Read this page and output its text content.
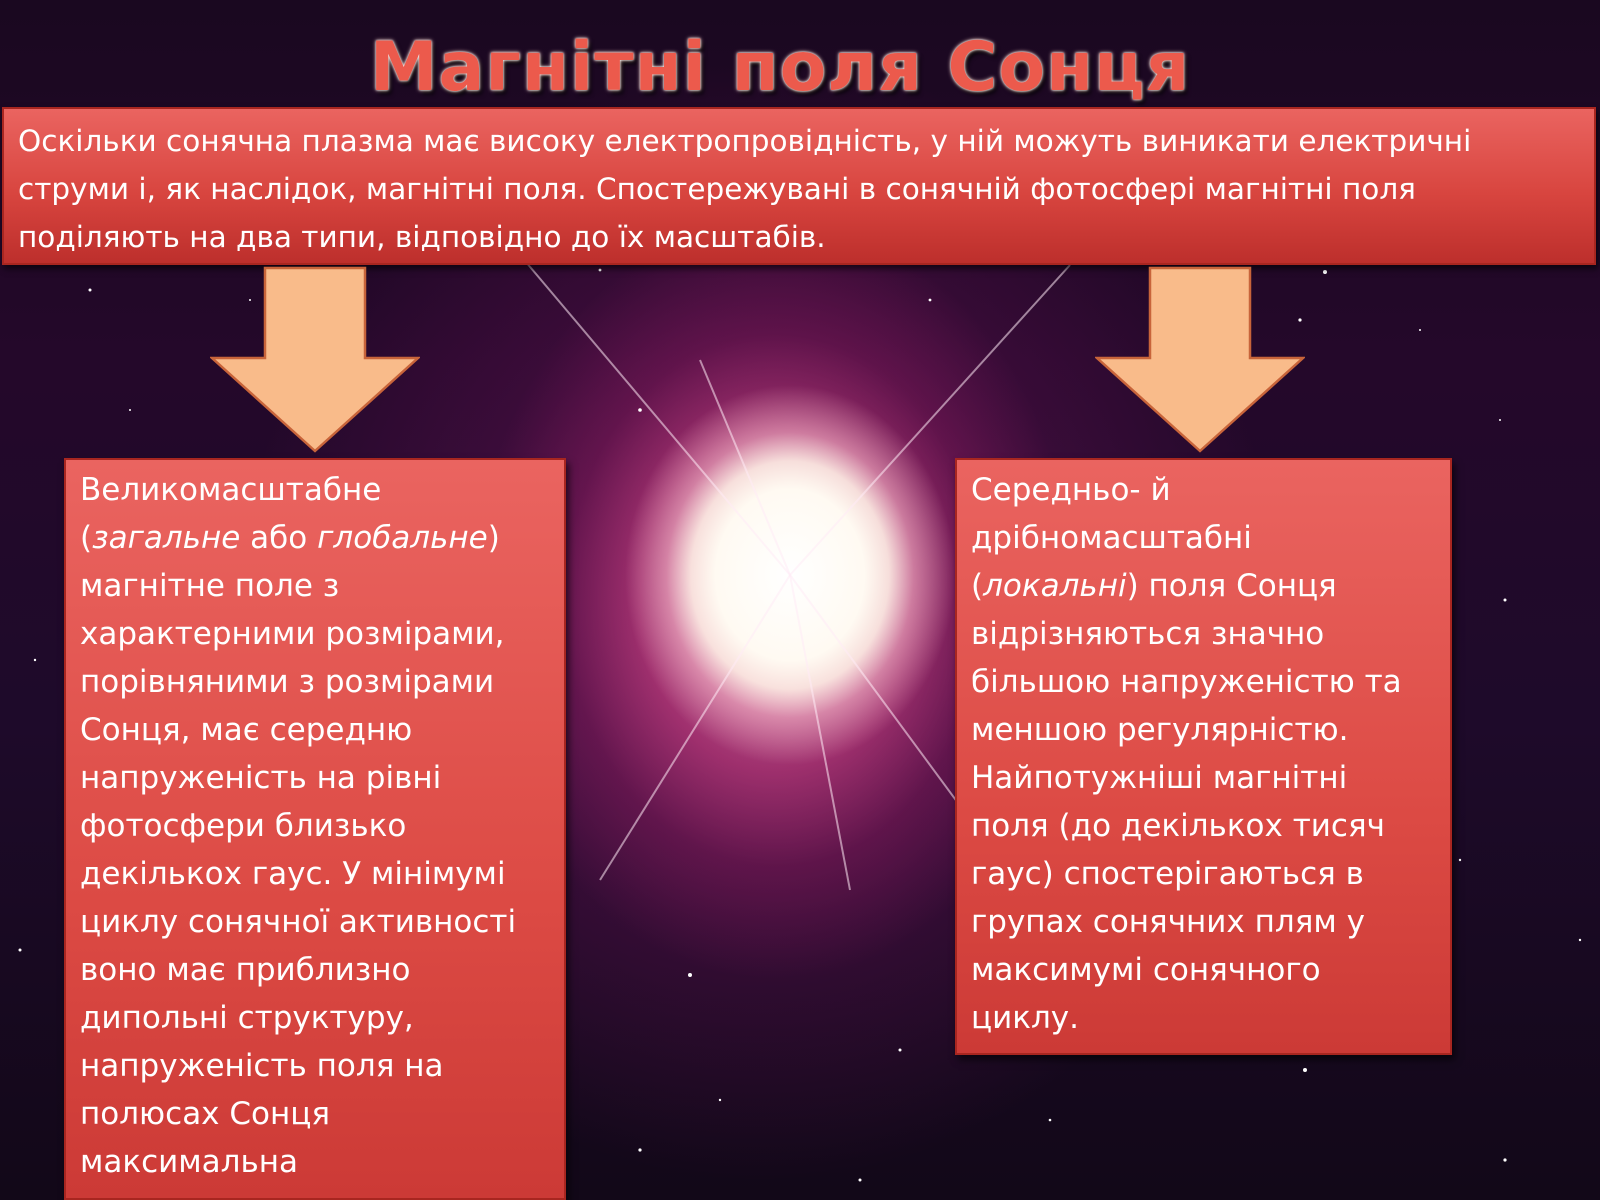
Магнітні поля Сонця
Оскільки сонячна плазма має високу електропровідність, у ній можуть виникати електричні
струми і, як наслідок, магнітні поля. Спостережувані в сонячній фотосфері магнітні поля
поділяють на два типи, відповідно до їх масштабів.
Великомасштабне
(загальне або глобальне)
магнітне поле з
характерними розмірами,
порівняними з розмірами
Сонця, має середню
напруженість на рівні
фотосфери близько
декількох гаус. У мінімумі
циклу сонячної активності
воно має приблизно
дипольні структуру,
напруженість поля на
полюсах Сонця
максимальна
Середньо- й
дрібномасштабні
(локальні) поля Сонця
відрізняються значно
більшою напруженістю та
меншою регулярністю.
Найпотужніші магнітні
поля (до декількох тисяч
гаус) спостерігаються в
групах сонячних плям у
максимумі сонячного
циклу.
